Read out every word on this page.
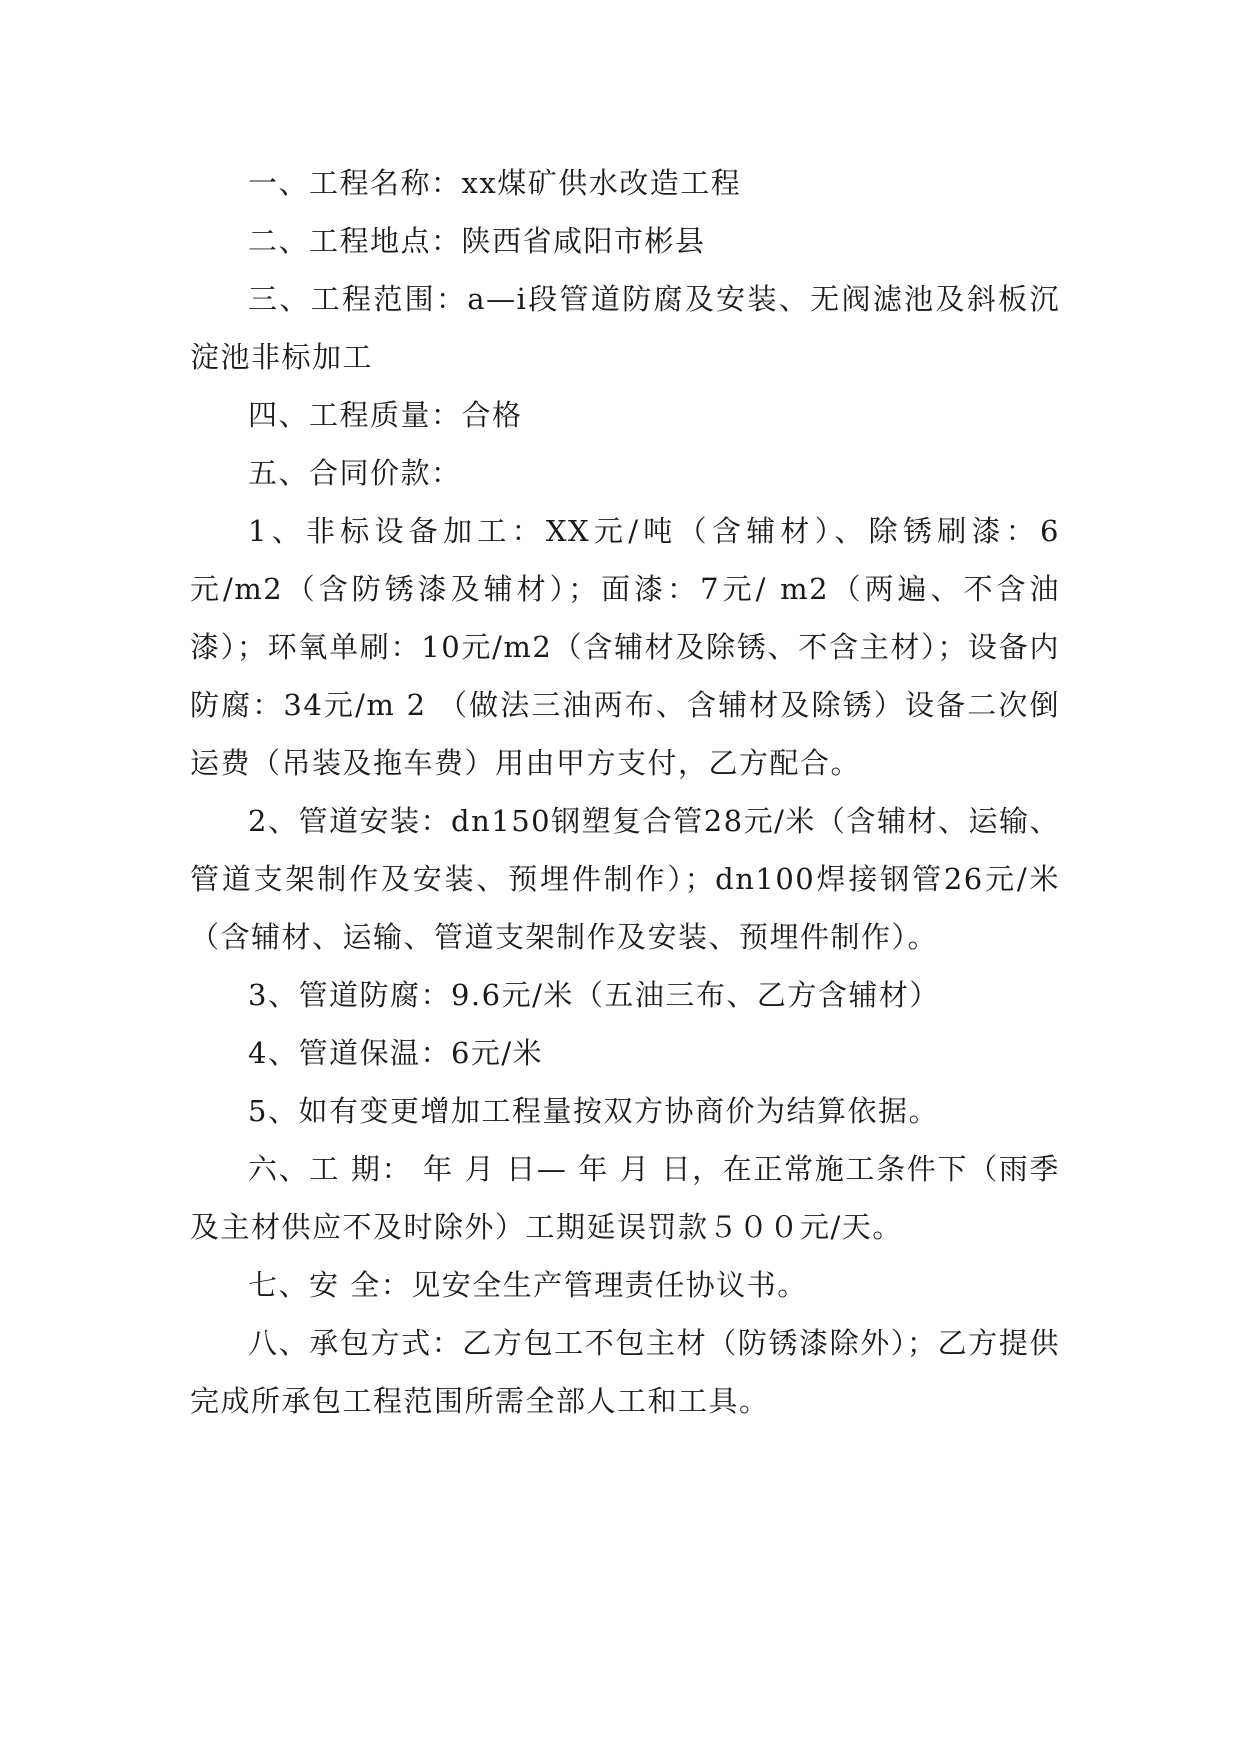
一、工程名称：xx煤矿供水改造工程

二、工程地点：陕西省咸阳市彬县

三、工程范围：a—i段管道防腐及安装、无阀滤池及斜板沉淀池非标加工

四、工程质量：合格

五、合同价款：

1、非标设备加工：XX元/吨（含辅材）、除锈刷漆：6元/m2（含防锈漆及辅材）；面漆：7元/ m2（两遍、不含油漆）；环氧单刷：10元/m2（含辅材及除锈、不含主材）；设备内防腐：34元/m 2 （做法三油两布、含辅材及除锈）设备二次倒运费（吊装及拖车费）用由甲方支付，乙方配合。

2、管道安装：dn150钢塑复合管28元/米（含辅材、运输、管道支架制作及安装、预埋件制作）；dn100焊接钢管26元/米（含辅材、运输、管道支架制作及安装、预埋件制作）。

3、管道防腐：9.6元/米（五油三布、乙方含辅材）

4、管道保温：6元/米

5、如有变更增加工程量按双方协商价为结算依据。

六、工 期： 年 月 日— 年 月 日，在正常施工条件下（雨季及主材供应不及时除外）工期延误罚款５００元/天。

七、安 全：见安全生产管理责任协议书。

八、承包方式：乙方包工不包主材（防锈漆除外）；乙方提供完成所承包工程范围所需全部人工和工具。
